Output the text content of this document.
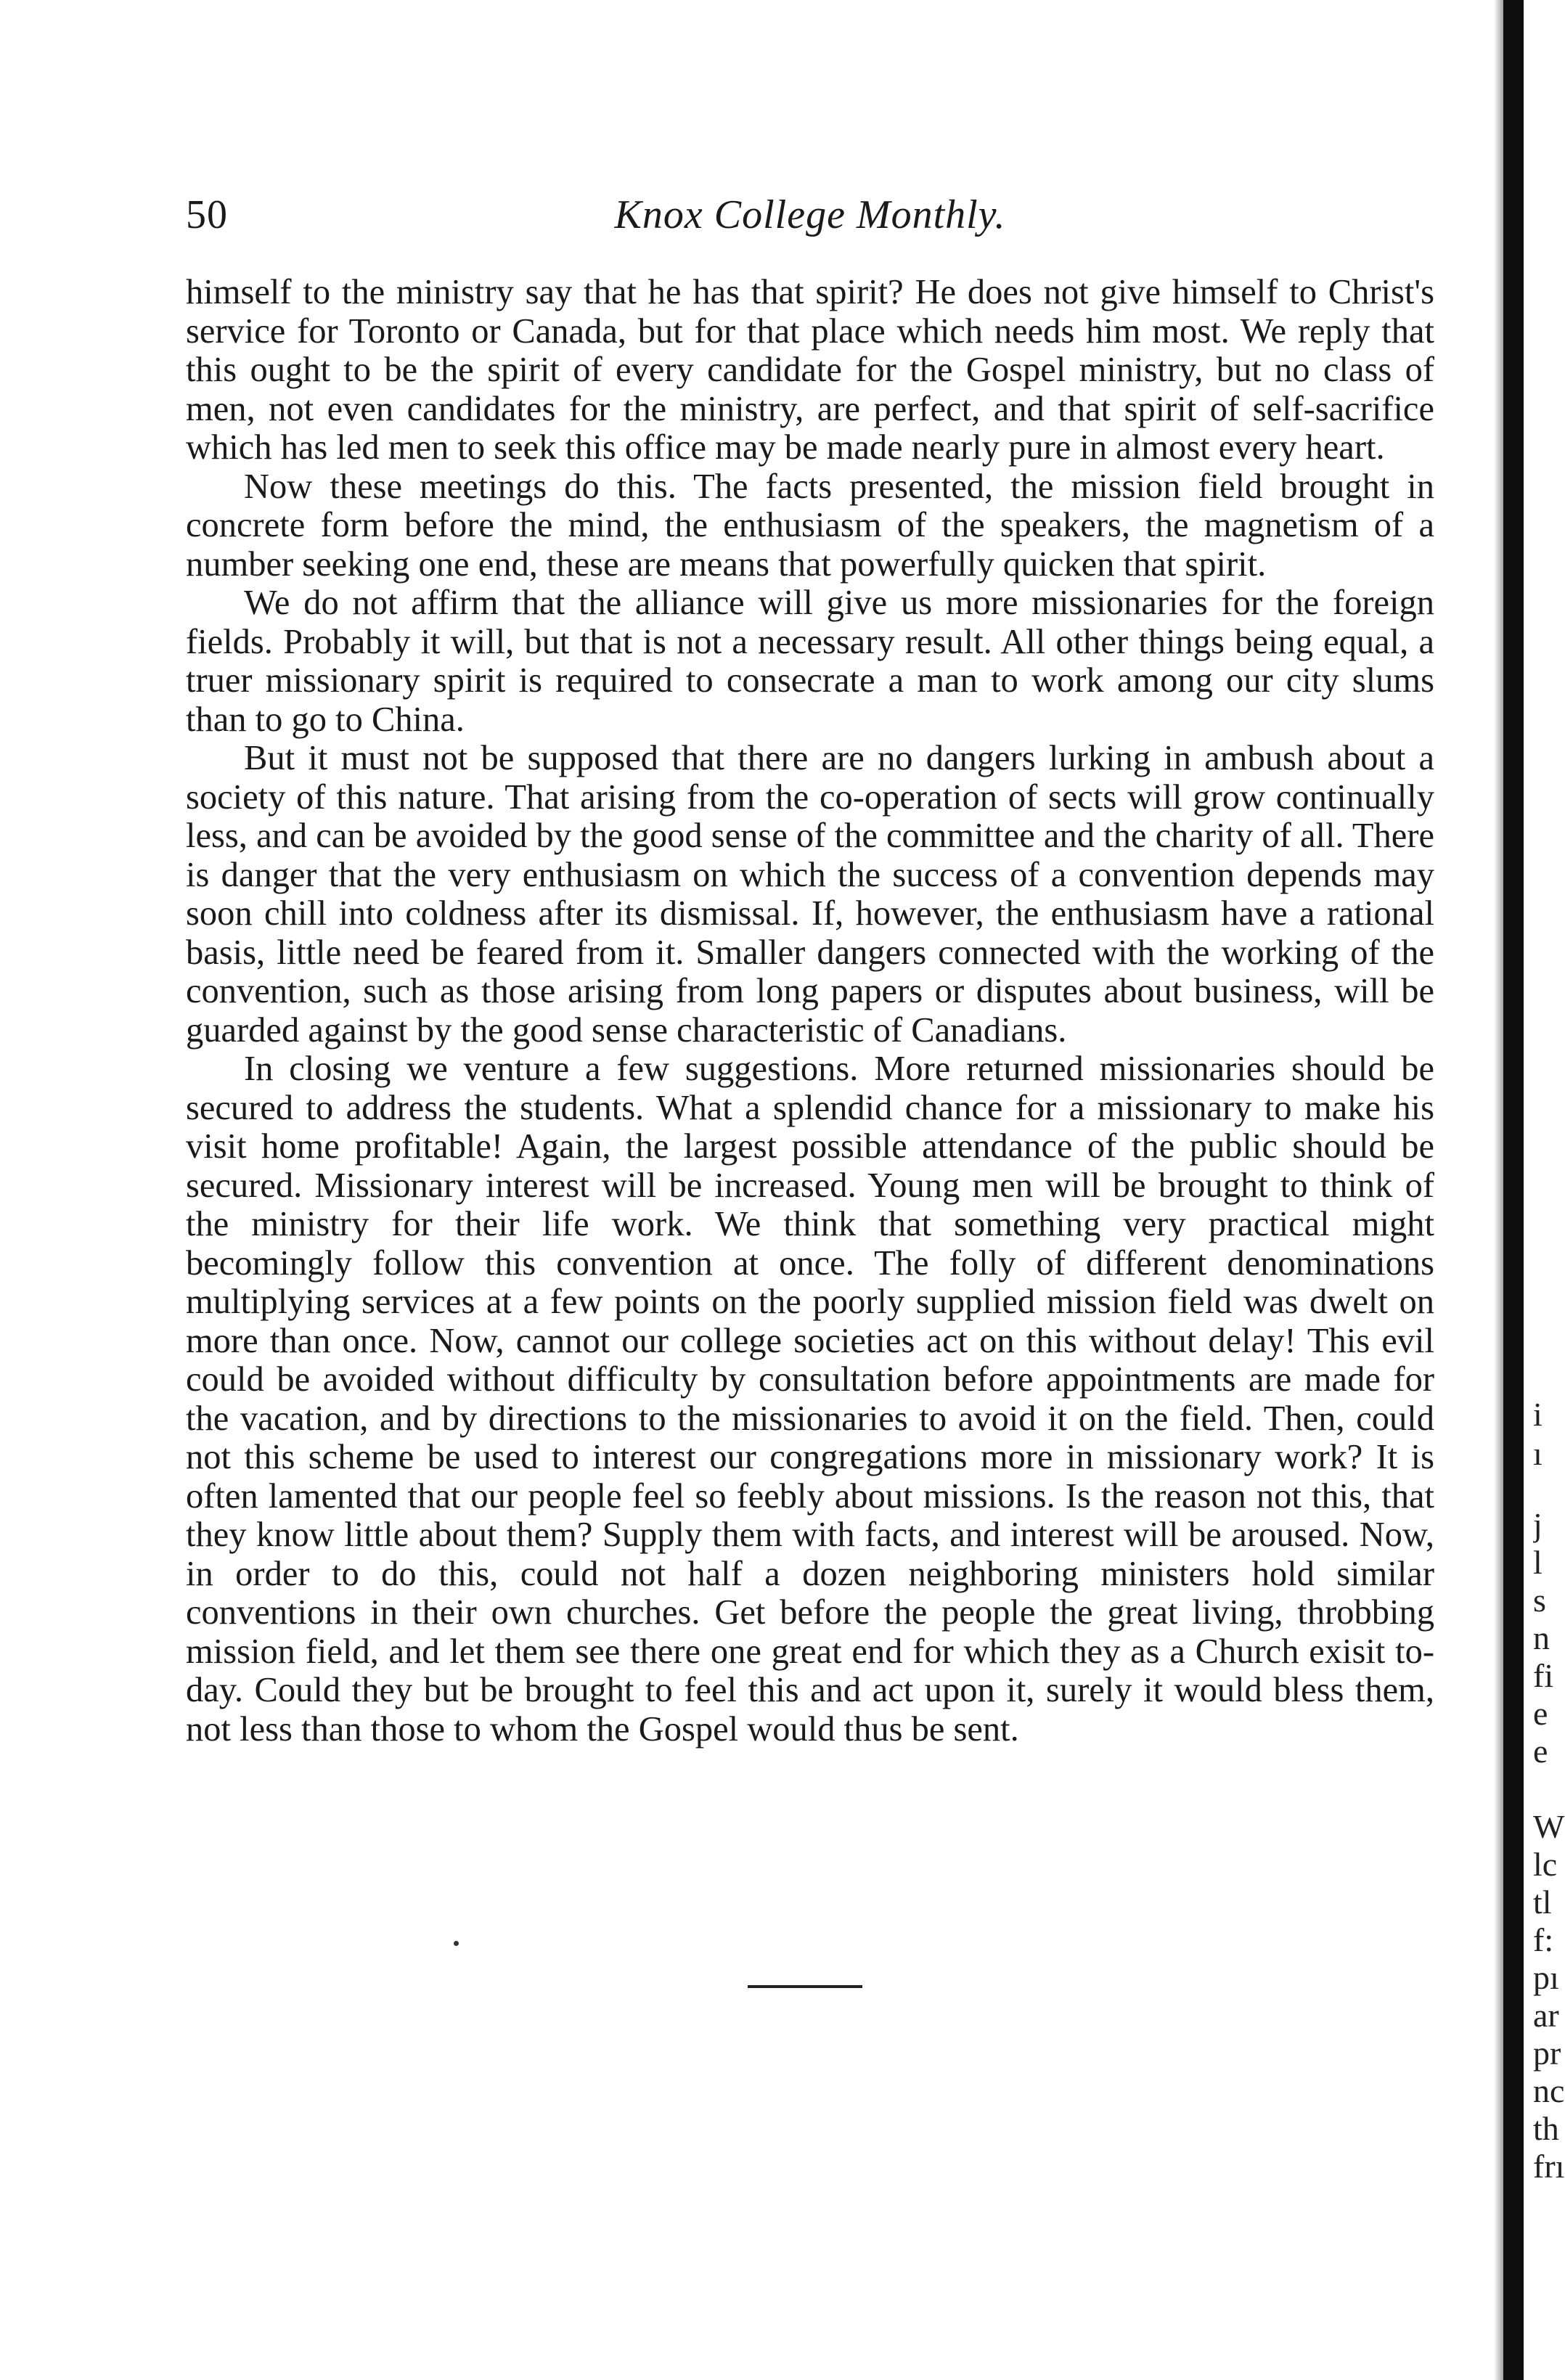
50	Knox College Monthly.

himself to the ministry say that he has that spirit? He does not give himself to Christ's service for Toronto or Canada, but for that place which needs him most. We reply that this ought to be the spirit of every candidate for the Gospel ministry, but no class of men, not even candidates for the ministry, are perfect, and that spirit of self-sacrifice which has led men to seek this office may be made nearly pure in almost every heart.

Now these meetings do this. The facts presented, the mission field brought in concrete form before the mind, the enthusiasm of the speakers, the magnetism of a number seeking one end, these are means that powerfully quicken that spirit.

We do not affirm that the alliance will give us more missionaries for the foreign fields. Probably it will, but that is not a necessary result. All other things being equal, a truer missionary spirit is required to consecrate a man to work among our city slums than to go to China.

But it must not be supposed that there are no dangers lurking in ambush about a society of this nature. That arising from the co-operation of sects will grow continually less, and can be avoided by the good sense of the committee and the charity of all. There is danger that the very enthusiasm on which the success of a convention depends may soon chill into coldness after its dismissal. If, however, the enthusiasm have a rational basis, little need be feared from it. Smaller dangers connected with the working of the convention, such as those arising from long papers or disputes about business, will be guarded against by the good sense characteristic of Canadians.

In closing we venture a few suggestions. More returned missionaries should be secured to address the students. What a splendid chance for a missionary to make his visit home profitable! Again, the largest possible attendance of the public should be secured. Missionary interest will be increased. Young men will be brought to think of the ministry for their life work. We think that something very practical might becomingly follow this convention at once. The folly of different denominations multiplying services at a few points on the poorly supplied mission field was dwelt on more than once. Now, cannot our college societies act on this without delay! This evil could be avoided without difficulty by consultation before appointments are made for the vacation, and by directions to the missionaries to avoid it on the field. Then, could not this scheme be used to interest our congregations more in missionary work? It is often lamented that our people feel so feebly about missions. Is the reason not this, that they know little about them? Supply them with facts, and interest will be aroused. Now, in order to do this, could not half a dozen neighboring ministers hold similar conventions in their own churches. Get before the people the great living, throbbing mission field, and let them see there one great end for which they as a Church exisit to-day. Could they but be brought to feel this and act upon it, surely it would bless them, not less than those to whom the Gospel would thus be sent.

i
ı
j
l
s
n
fi
e
e
W
lc
tl
f:
pı
ar
pr
nc
th
frı
